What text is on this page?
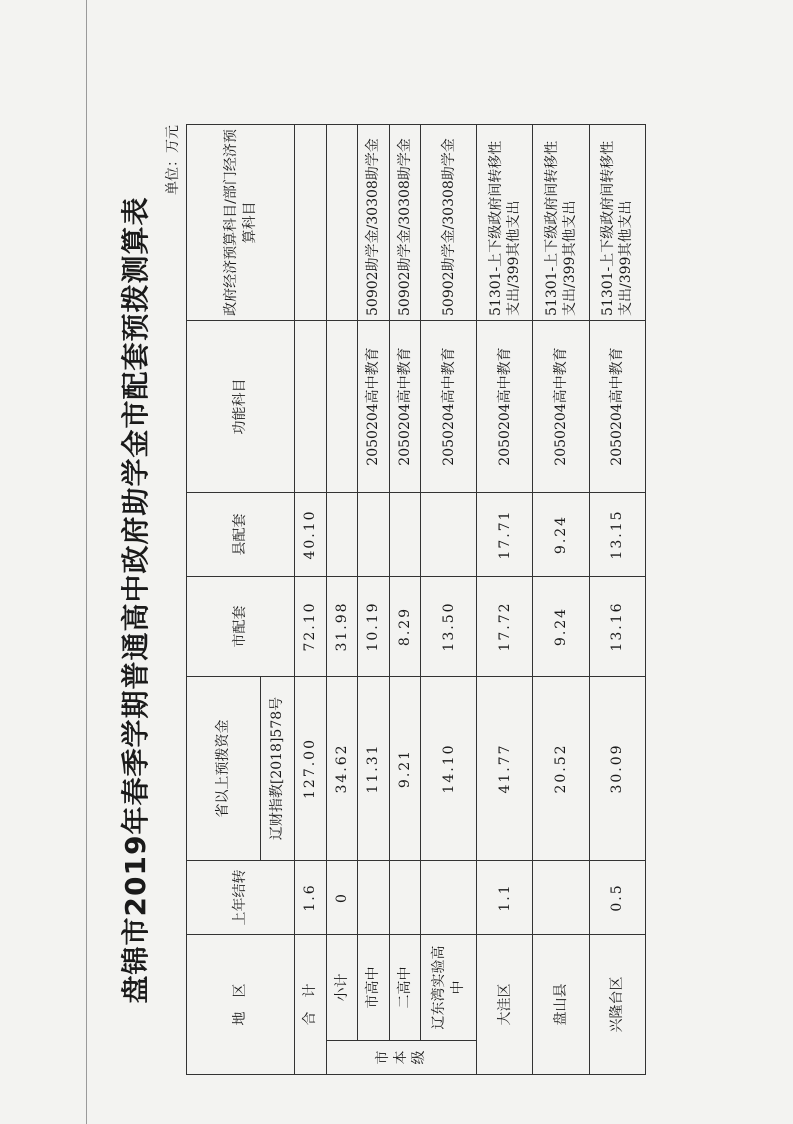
盘锦市2019年春季学期普通高中政府助学金市配套预拨测算表
单位：万元
地　区		上年结转	省以上预拨资金	市配套	县配套	功能科目	政府经济预算科目/部门经济预算科目
			辽财指教[2018]578号				
合　计		1.6	127.00	72.10	40.10		
市本级	小计	0	34.62	31.98			
	市高中		11.31	10.19		2050204高中教育	50902助学金/30308助学金
	二高中		9.21	8.29		2050204高中教育	50902助学金/30308助学金
	辽东湾实验高中		14.10	13.50		2050204高中教育	50902助学金/30308助学金
大洼区		1.1	41.77	17.72	17.71	2050204高中教育	51301-上下级政府间转移性支出/399其他支出
盘山县			20.52	9.24	9.24	2050204高中教育	51301-上下级政府间转移性支出/399其他支出
兴隆台区		0.5	30.09	13.16	13.15	2050204高中教育	51301-上下级政府间转移性支出/399其他支出
